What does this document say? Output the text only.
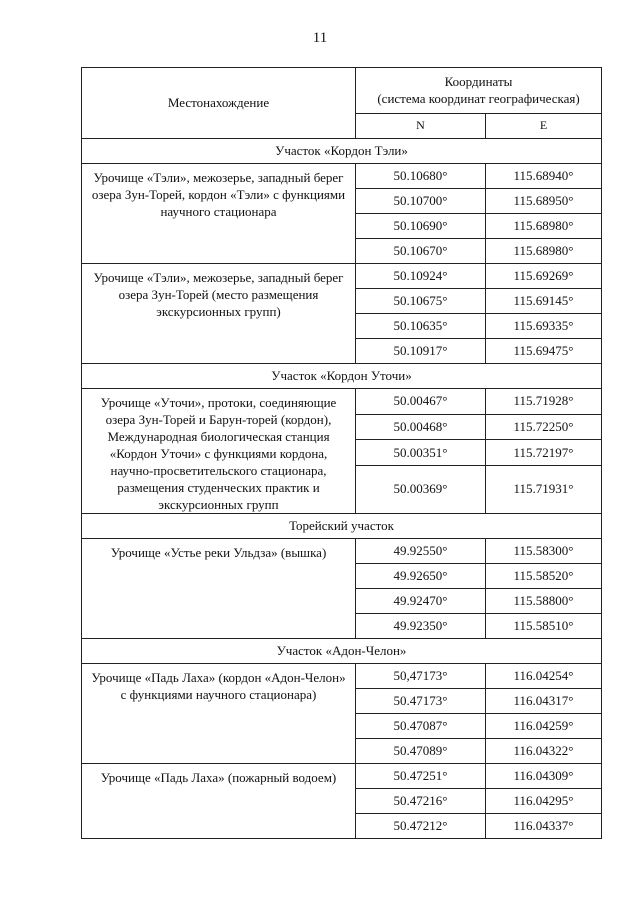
11
Местонахождение	Координаты
(система координат географическая)	
	N	E
Участок «Кордон Тэли»		
Урочище «Тэли», межозерье, западный берег озера Зун-Торей, кордон «Тэли» с функциями научного стационара	50.10680°	115.68940°
	50.10700°	115.68950°
	50.10690°	115.68980°
	50.10670°	115.68980°
Урочище «Тэли», межозерье, западный берег озера Зун-Торей (место размещения экскурсионных групп)	50.10924°	115.69269°
	50.10675°	115.69145°
	50.10635°	115.69335°
	50.10917°	115.69475°
Участок «Кордон Уточи»		
Урочище «Уточи», протоки, соединяющие озера Зун-Торей и Барун-торей (кордон), Международная биологическая станция «Кордон Уточи» с функциями кордона, научно-просветительского стационара, размещения студенческих практик и экскурсионных групп	50.00467°	115.71928°
	50.00468°	115.72250°
	50.00351°	115.72197°
	50.00369°	115.71931°
Торейский участок		
Урочище «Устье реки Ульдза» (вышка)	49.92550°	115.58300°
	49.92650°	115.58520°
	49.92470°	115.58800°
	49.92350°	115.58510°
Участок «Адон-Челон»		
Урочище «Падь Лаха» (кордон «Адон-Челон» с функциями научного стационара)	50,47173°	116.04254°
	50.47173°	116.04317°
	50.47087°	116.04259°
	50.47089°	116.04322°
Урочище «Падь Лаха» (пожарный водоем)	50.47251°	116.04309°
	50.47216°	116.04295°
	50.47212°	116.04337°
